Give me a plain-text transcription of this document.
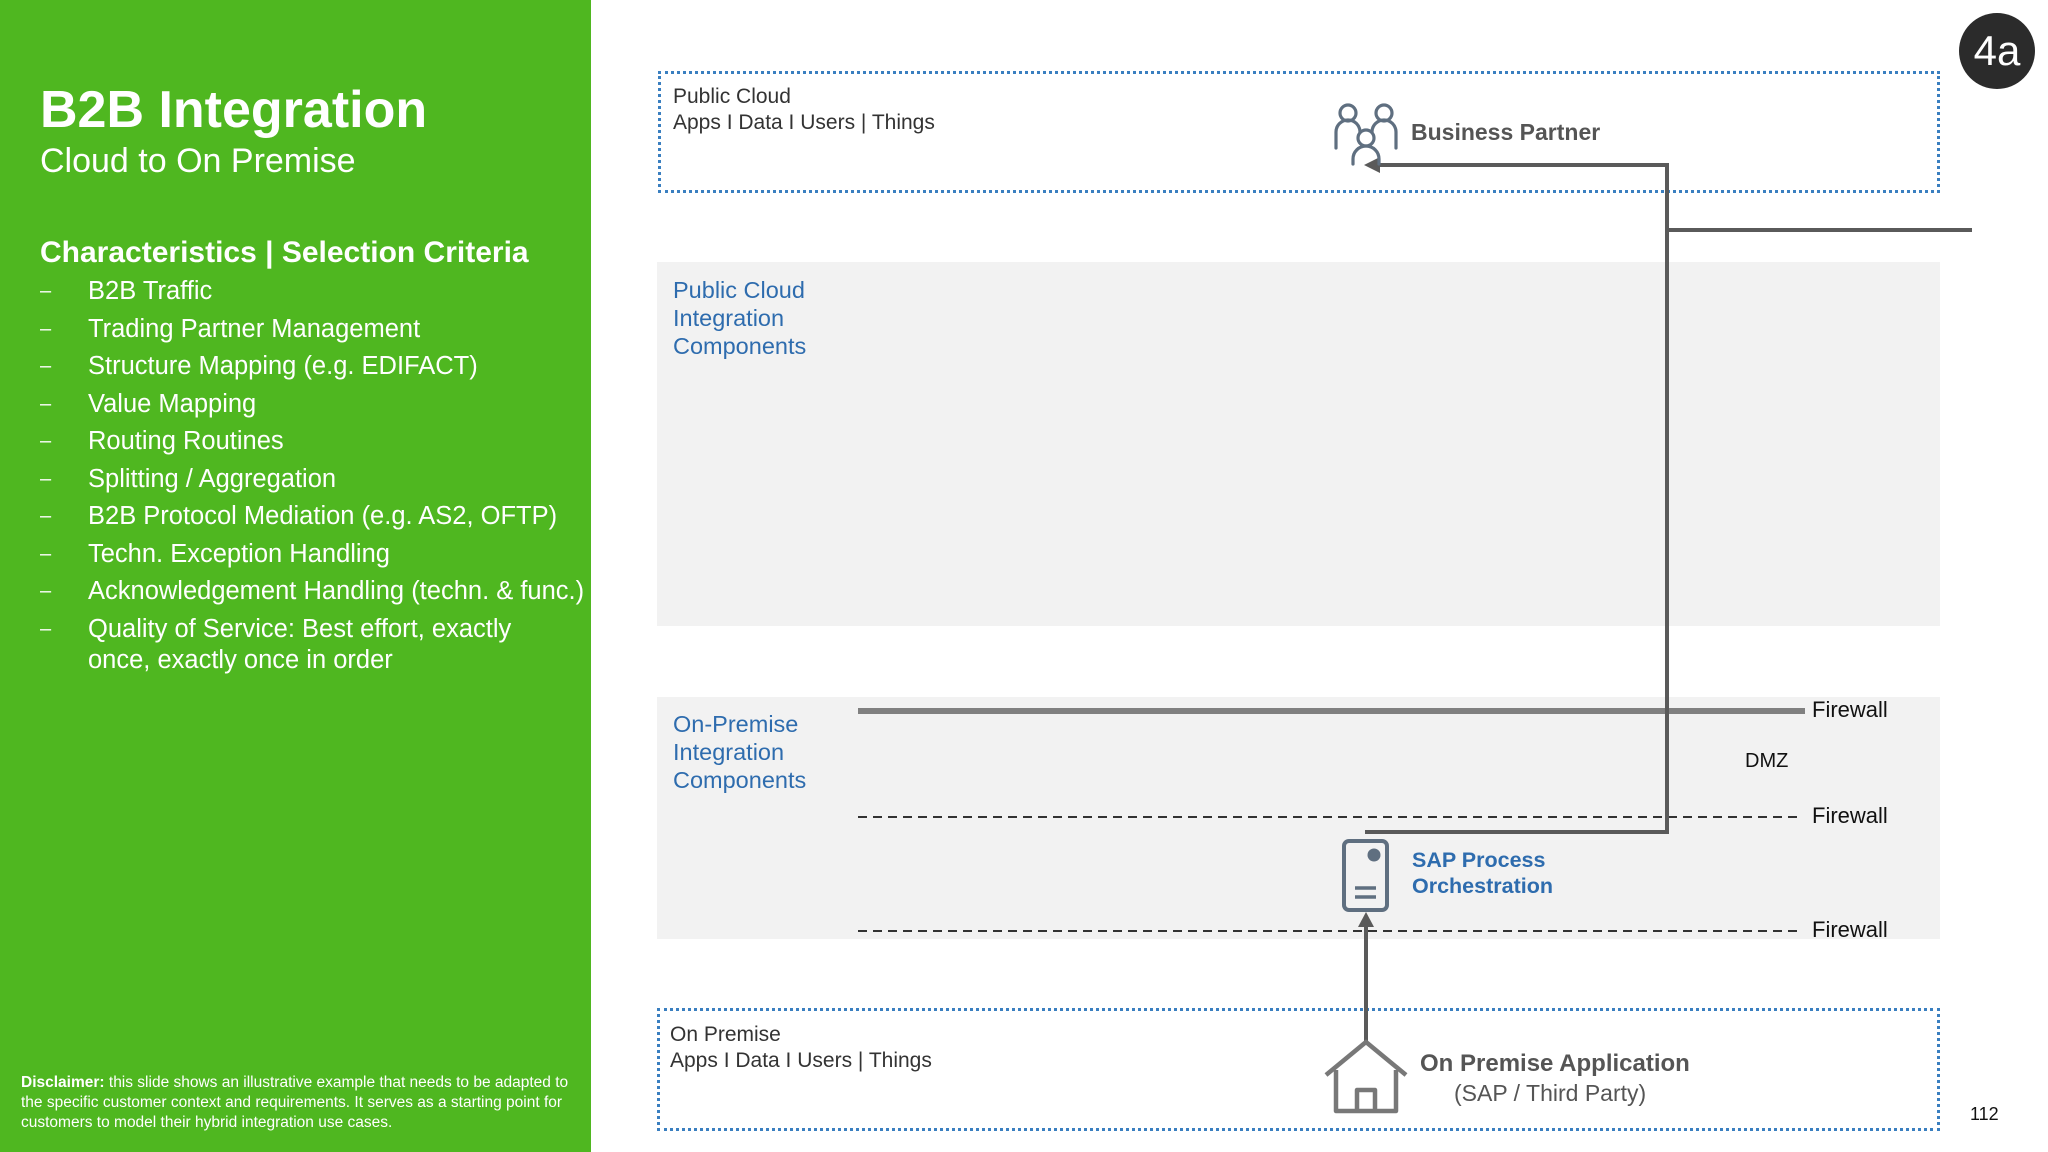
B2B Integration
Cloud to On Premise
Characteristics | Selection Criteria
– B2B Traffic
– Trading Partner Management
– Structure Mapping (e.g. EDIFACT)
– Value Mapping
– Routing Routines
– Splitting / Aggregation
– B2B Protocol Mediation (e.g. AS2, OFTP)
– Techn. Exception Handling
– Acknowledgement Handling (techn. & func.)
– Quality of Service: Best effort, exactly once, exactly once in order
Disclaimer: this slide shows an illustrative example that needs to be adapted to the specific customer context and requirements. It serves as a starting point for customers to model their hybrid integration use cases.
4a
Public Cloud
Apps I Data I Users | Things
Public Cloud
Integration
Components
On-Premise
Integration
Components
On Premise
Apps I Data I Users | Things
Business Partner
SAP Process
Orchestration
On Premise Application
(SAP / Third Party)
Firewall
DMZ
Firewall
Firewall
112
